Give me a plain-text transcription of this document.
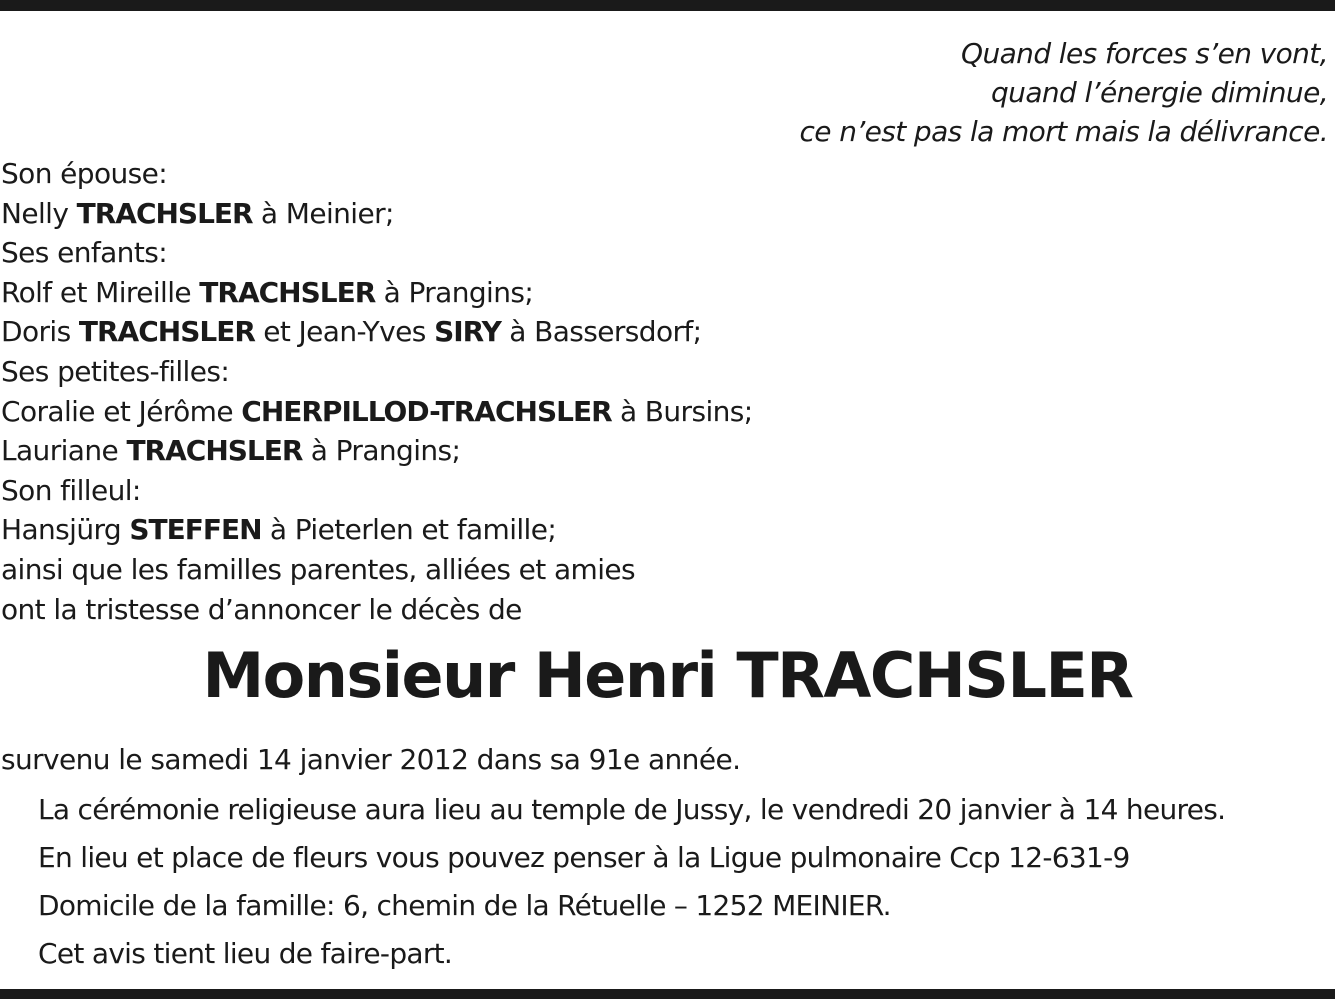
Quand les forces s’en vont,
quand l’énergie diminue,
ce n’est pas la mort mais la délivrance.
Son épouse:
Nelly TRACHSLER à Meinier;
Ses enfants:
Rolf et Mireille TRACHSLER à Prangins;
Doris TRACHSLER et Jean-Yves SIRY à Bassersdorf;
Ses petites-filles:
Coralie et Jérôme CHERPILLOD-TRACHSLER à Bursins;
Lauriane TRACHSLER à Prangins;
Son filleul:
Hansjürg STEFFEN à Pieterlen et famille;
ainsi que les familles parentes, alliées et amies
ont la tristesse d’annoncer le décès de
Monsieur Henri TRACHSLER
survenu le samedi 14 janvier 2012 dans sa 91e année.
La cérémonie religieuse aura lieu au temple de Jussy, le vendredi 20 janvier à 14 heures.
En lieu et place de fleurs vous pouvez penser à la Ligue pulmonaire Ccp 12-631-9
Domicile de la famille: 6, chemin de la Rétuelle – 1252 MEINIER.
Cet avis tient lieu de faire-part.
